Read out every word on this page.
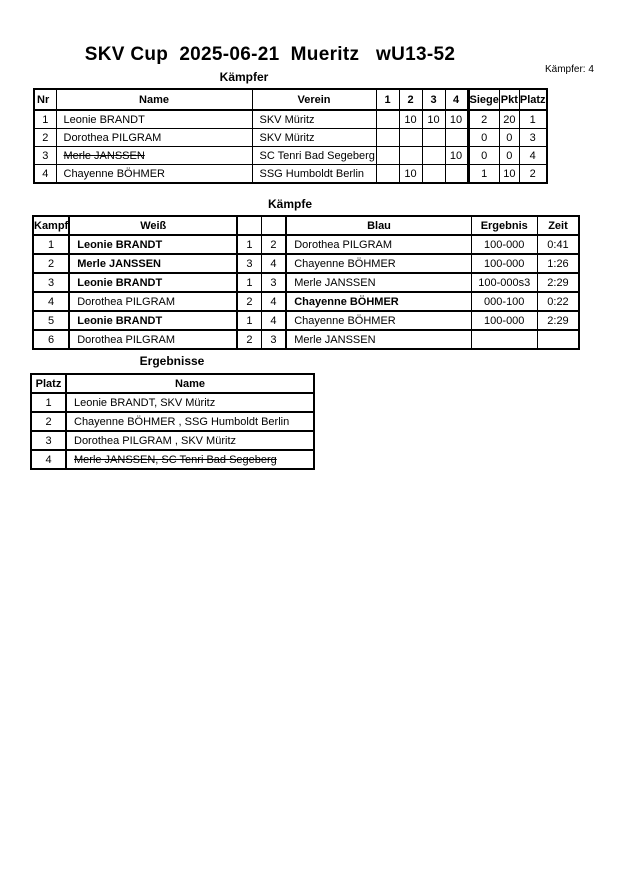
SKV Cup  2025-06-21  Mueritz   wU13-52
Kämpfer: 4
Kämpfer
Nr	Name	Verein	1	2	3	4	Siege	Pkt	Platz
1	Leonie BRANDT	SKV Müritz		10	10	10	2	20	1
2	Dorothea PILGRAM	SKV Müritz					0	0	3
3	Merle JANSSEN	SC Tenri Bad Segeberg				10	0	0	4
4	Chayenne BÖHMER	SSG Humboldt Berlin		10			1	10	2
Kämpfe
Kampf	Weiß			Blau	Ergebnis	Zeit
1	Leonie BRANDT	1	2	Dorothea PILGRAM	100-000	0:41
2	Merle JANSSEN	3	4	Chayenne BÖHMER	100-000	1:26
3	Leonie BRANDT	1	3	Merle JANSSEN	100-000s3	2:29
4	Dorothea PILGRAM	2	4	Chayenne BÖHMER	000-100	0:22
5	Leonie BRANDT	1	4	Chayenne BÖHMER	100-000	2:29
6	Dorothea PILGRAM	2	3	Merle JANSSEN		
Ergebnisse
Platz	Name
1	Leonie BRANDT, SKV Müritz
2	Chayenne BÖHMER , SSG Humboldt Berlin
3	Dorothea PILGRAM , SKV Müritz
4	Merle JANSSEN, SC Tenri Bad Segeberg
